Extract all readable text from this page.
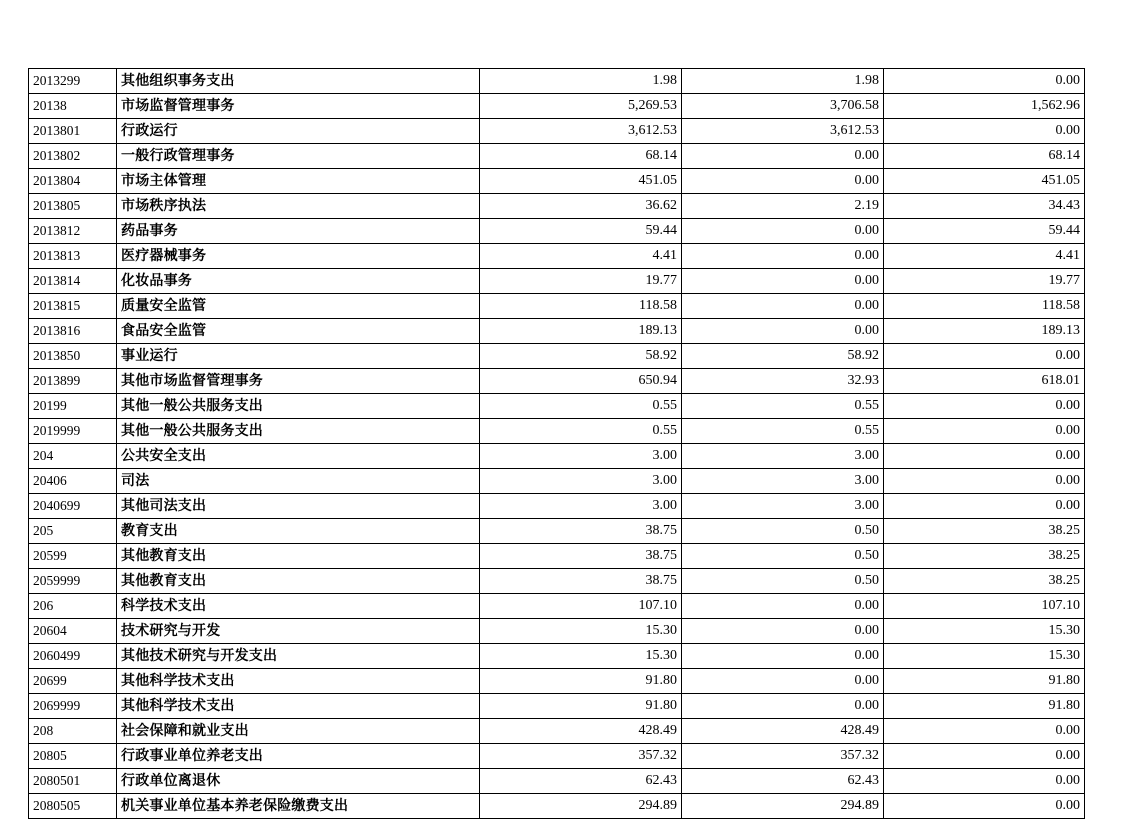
2013299	其他组织事务支出	1.98	1.98	0.00
20138	市场监督管理事务	5,269.53	3,706.58	1,562.96
2013801	行政运行	3,612.53	3,612.53	0.00
2013802	一般行政管理事务	68.14	0.00	68.14
2013804	市场主体管理	451.05	0.00	451.05
2013805	市场秩序执法	36.62	2.19	34.43
2013812	药品事务	59.44	0.00	59.44
2013813	医疗器械事务	4.41	0.00	4.41
2013814	化妆品事务	19.77	0.00	19.77
2013815	质量安全监管	118.58	0.00	118.58
2013816	食品安全监管	189.13	0.00	189.13
2013850	事业运行	58.92	58.92	0.00
2013899	其他市场监督管理事务	650.94	32.93	618.01
20199	其他一般公共服务支出	0.55	0.55	0.00
2019999	其他一般公共服务支出	0.55	0.55	0.00
204	公共安全支出	3.00	3.00	0.00
20406	司法	3.00	3.00	0.00
2040699	其他司法支出	3.00	3.00	0.00
205	教育支出	38.75	0.50	38.25
20599	其他教育支出	38.75	0.50	38.25
2059999	其他教育支出	38.75	0.50	38.25
206	科学技术支出	107.10	0.00	107.10
20604	技术研究与开发	15.30	0.00	15.30
2060499	其他技术研究与开发支出	15.30	0.00	15.30
20699	其他科学技术支出	91.80	0.00	91.80
2069999	其他科学技术支出	91.80	0.00	91.80
208	社会保障和就业支出	428.49	428.49	0.00
20805	行政事业单位养老支出	357.32	357.32	0.00
2080501	行政单位离退休	62.43	62.43	0.00
2080505	机关事业单位基本养老保险缴费支出	294.89	294.89	0.00
